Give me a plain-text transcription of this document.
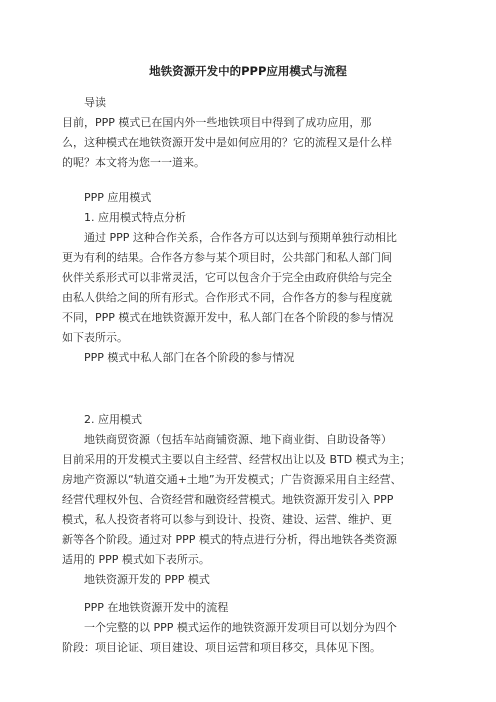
地铁资源开发中的PPP应用模式与流程
导读
目前，PPP 模式已在国内外一些地铁项目中得到了成功应用，那
么，这种模式在地铁资源开发中是如何应用的？它的流程又是什么样
的呢？本文将为您一一道来。
PPP 应用模式
1. 应用模式特点分析
通过 PPP 这种合作关系，合作各方可以达到与预期单独行动相比
更为有利的结果。合作各方参与某个项目时，公共部门和私人部门间
伙伴关系形式可以非常灵活，它可以包含介于完全由政府供给与完全
由私人供给之间的所有形式。合作形式不同，合作各方的参与程度就
不同，PPP 模式在地铁资源开发中，私人部门在各个阶段的参与情况
如下表所示。
PPP 模式中私人部门在各个阶段的参与情况
2. 应用模式
地铁商贸资源（包括车站商铺资源、地下商业街、自助设备等）
目前采用的开发模式主要以自主经营、经营权出让以及 BTD 模式为主；
房地产资源以“轨道交通+土地”为开发模式；广告资源采用自主经营、
经营代理权外包、合资经营和融资经营模式。地铁资源开发引入 PPP
模式，私人投资者将可以参与到设计、投资、建设、运营、维护、更
新等各个阶段。通过对 PPP 模式的特点进行分析，得出地铁各类资源
适用的 PPP 模式如下表所示。
地铁资源开发的 PPP 模式
PPP 在地铁资源开发中的流程
一个完整的以 PPP 模式运作的地铁资源开发项目可以划分为四个
阶段：项目论证、项目建设、项目运营和项目移交，具体见下图。
